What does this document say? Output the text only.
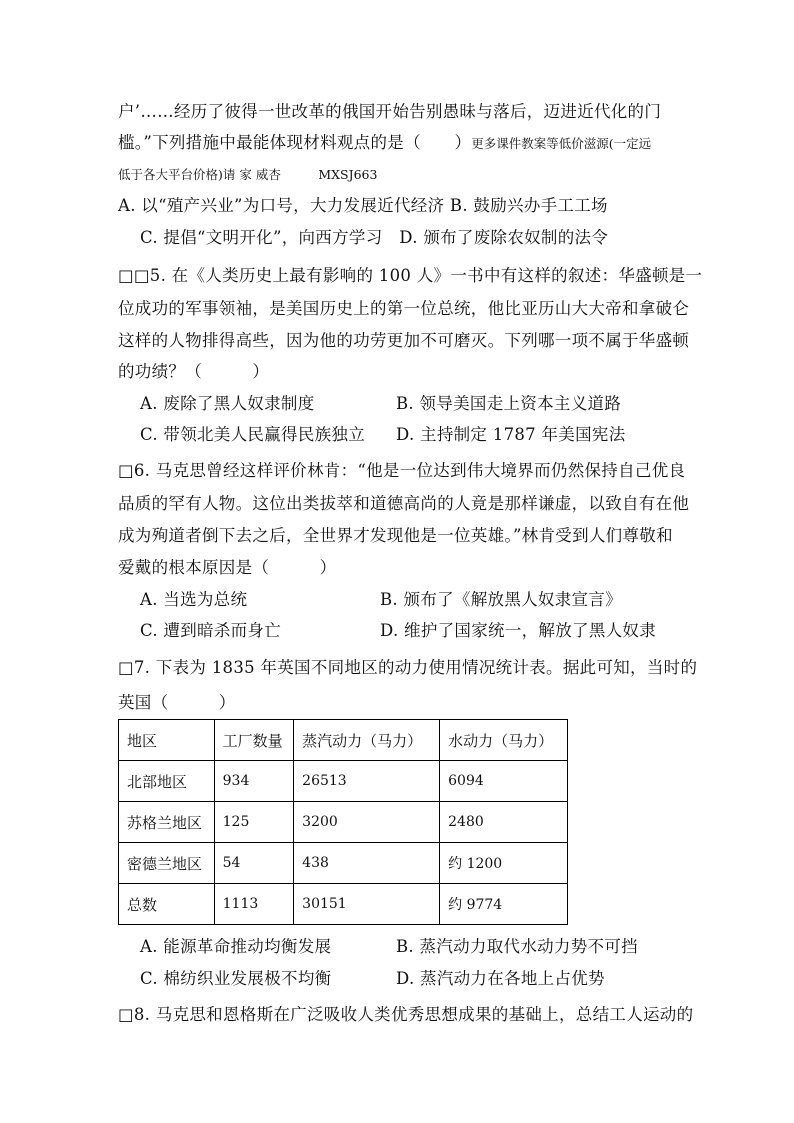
户’……经历了彼得一世改革的俄国开始告别愚昧与落后，迈进近代化的门
槛。”下列措施中最能体现材料观点的是（　　）更多课件教案等低价滋源(一定远
低于各大平台价格)请 家 威杏　　　MXSJ663
A. 以“殖产兴业”为口号，大力发展近代经济 B. 鼓励兴办手工工场
C. 提倡“文明开化”，向西方学习　D. 颁布了废除农奴制的法令
□□5. 在《人类历史上最有影响的 100 人》一书中有这样的叙述：华盛顿是一
位成功的军事领袖，是美国历史上的第一位总统，他比亚历山大大帝和拿破仑
这样的人物排得高些，因为他的功劳更加不可磨灭。下列哪一项不属于华盛顿
的功绩？（　　　）
A. 废除了黑人奴隶制度	B. 领导美国走上资本主义道路
C. 带领北美人民赢得民族独立 D. 主持制定 1787 年美国宪法
□6. 马克思曾经这样评价林肯：“他是一位达到伟大境界而仍然保持自己优良
品质的罕有人物。这位出类拔萃和道德高尚的人竟是那样谦虚，以致自有在他
成为殉道者倒下去之后，全世界才发现他是一位英雄。”林肯受到人们尊敬和
爱戴的根本原因是（　　　）
A. 当选为总统	B. 颁布了《解放黑人奴隶宣言》
C. 遭到暗杀而身亡	D. 维护了国家统一，解放了黑人奴隶
□7. 下表为 1835 年英国不同地区的动力使用情况统计表。据此可知，当时的
英国（　　　）
地区	工厂数量	蒸汽动力（马力）	水动力（马力）
北部地区	934	26513	6094
苏格兰地区	125	3200	2480
密德兰地区	54	438	约 1200
总数	1113	30151	约 9774
A. 能源革命推动均衡发展	B. 蒸汽动力取代水动力势不可挡
C. 棉纺织业发展极不均衡	D. 蒸汽动力在各地上占优势
□8. 马克思和恩格斯在广泛吸收人类优秀思想成果的基础上，总结工人运动的
